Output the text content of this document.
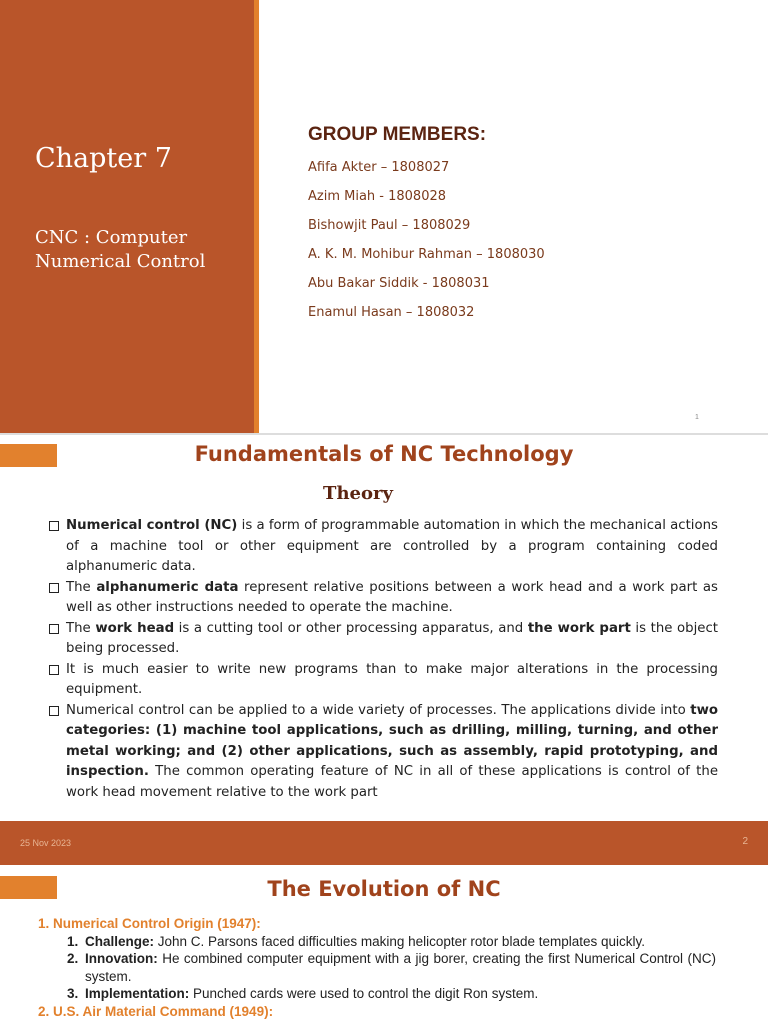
Chapter 7
CNC : Computer Numerical Control
GROUP MEMBERS:
Afifa Akter – 1808027
Azim Miah - 1808028
Bishowjit Paul – 1808029
A. K. M. Mohibur Rahman – 1808030
Abu Bakar Siddik - 1808031
Enamul Hasan – 1808032
1
Fundamentals of NC Technology
Theory
Numerical control (NC) is a form of programmable automation in which the mechanical actions of a machine tool or other equipment are controlled by a program containing coded alphanumeric data.
The alphanumeric data represent relative positions between a work head and a work part as well as other instructions needed to operate the machine.
The work head is a cutting tool or other processing apparatus, and the work part is the object being processed.
It is much easier to write new programs than to make major alterations in the processing equipment.
Numerical control can be applied to a wide variety of processes. The applications divide into two categories: (1) machine tool applications, such as drilling, milling, turning, and other metal working; and (2) other applications, such as assembly, rapid prototyping, and inspection. The common operating feature of NC in all of these applications is control of the work head movement relative to the work part
25 Nov 2023	2
The Evolution of NC
1. Numerical Control Origin (1947):
1. Challenge: John C. Parsons faced difficulties making helicopter rotor blade templates quickly.
2. Innovation: He combined computer equipment with a jig borer, creating the first Numerical Control (NC) system.
3. Implementation: Punched cards were used to control the digit Ron system.
2. U.S. Air Material Command (1949):
